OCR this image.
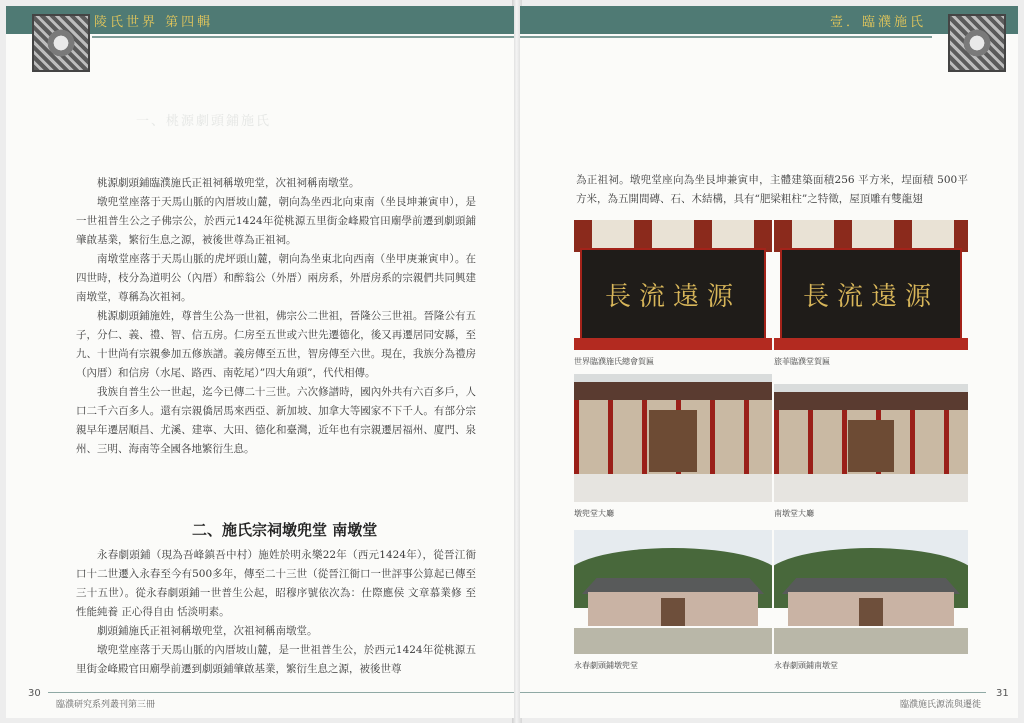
陵氏世界 第四輯
一、桃源劇頭鋪施氏

桃源劇頭鋪臨濮施氏正祖祠稱墩兜堂，次祖祠稱南墩堂。

墩兜堂座落于天馬山脈的內厝坡山麓，朝向為坐西北向東南（坐艮坤兼寅申），是一世祖普生公之子佛宗公，於西元1424年從桃源五里街金峰殿官田廟學前遷到劇頭鋪肇啟基業，繁衍生息之源，被後世尊為正祖祠。

南墩堂座落于天馬山脈的虎坪頭山麓，朝向為坐東北向西南（坐甲庚兼寅申）。在四世時，枝分為道明公（內厝）和醉翁公（外厝）兩房系，外厝房系的宗親們共同興建南墩堂，尊稱為次祖祠。

桃源劇頭鋪施姓，尊普生公為一世祖，佛宗公二世祖，晉隆公三世祖。晉隆公有五子，分仁、義、禮、智、信五房。仁房至五世或六世先遷德化，後又再遷居同安縣，至九、十世尚有宗親參加五修族譜。義房傳至五世，智房傳至六世。現在，我族分為禮房（內厝）和信房（水尾、路西、南乾尾）”四大角頭”，代代相傳。

我族自普生公一世起，迄今已傳二十三世。六次修譜時，國內外共有六百多戶，人口二千六百多人。還有宗親僑居馬來西亞、新加坡、加拿大等國家不下千人。有部分宗親早年遷居順昌、尤溪、建寧、大田、德化和臺灣，近年也有宗親遷居福州、廈門、泉州、三明、海南等全國各地繁衍生息。

二、施氏宗祠墩兜堂 南墩堂

永春劇頭鋪（現為吾峰鎮吾中村）施姓於明永樂22年（西元1424年），從晉江衙口十二世遷入永春至今有500多年，傳至二十三世（從晉江衙口一世評事公算起已傳至三十五世）。從永春劇頭鋪一世普生公起，昭穆序號依次為：仕際應侯 文章慕業修 至性能純養 正心得自由 恬淡明素。

劇頭鋪施氏正祖祠稱墩兜堂，次祖祠稱南墩堂。

墩兜堂座落于天馬山脈的內厝坡山麓，是一世祖普生公，於西元1424年從桃源五里街金峰殿官田廟學前遷到劇頭鋪肇啟基業，繁衍生息之源，被後世尊

30
臨濮研究系列叢刊第三冊
壹．臨濮施氏

為正祖祠。墩兜堂座向為坐艮坤兼寅申，主體建築面積256 平方米，埕面積 500平方米，為五開間磚、石、木結構，具有“肥梁粗柱”之特徵，屋頂雕有雙龍翅

長流遠源
世界臨濮施氏總會賀匾
長流遠源
旅菲臨濮堂賀匾
墩兜堂大廳	南墩堂大廳
永春劇頭鋪墩兜堂	永春劇頭鋪南墩堂
臨濮施氏源流與遷徙
31
